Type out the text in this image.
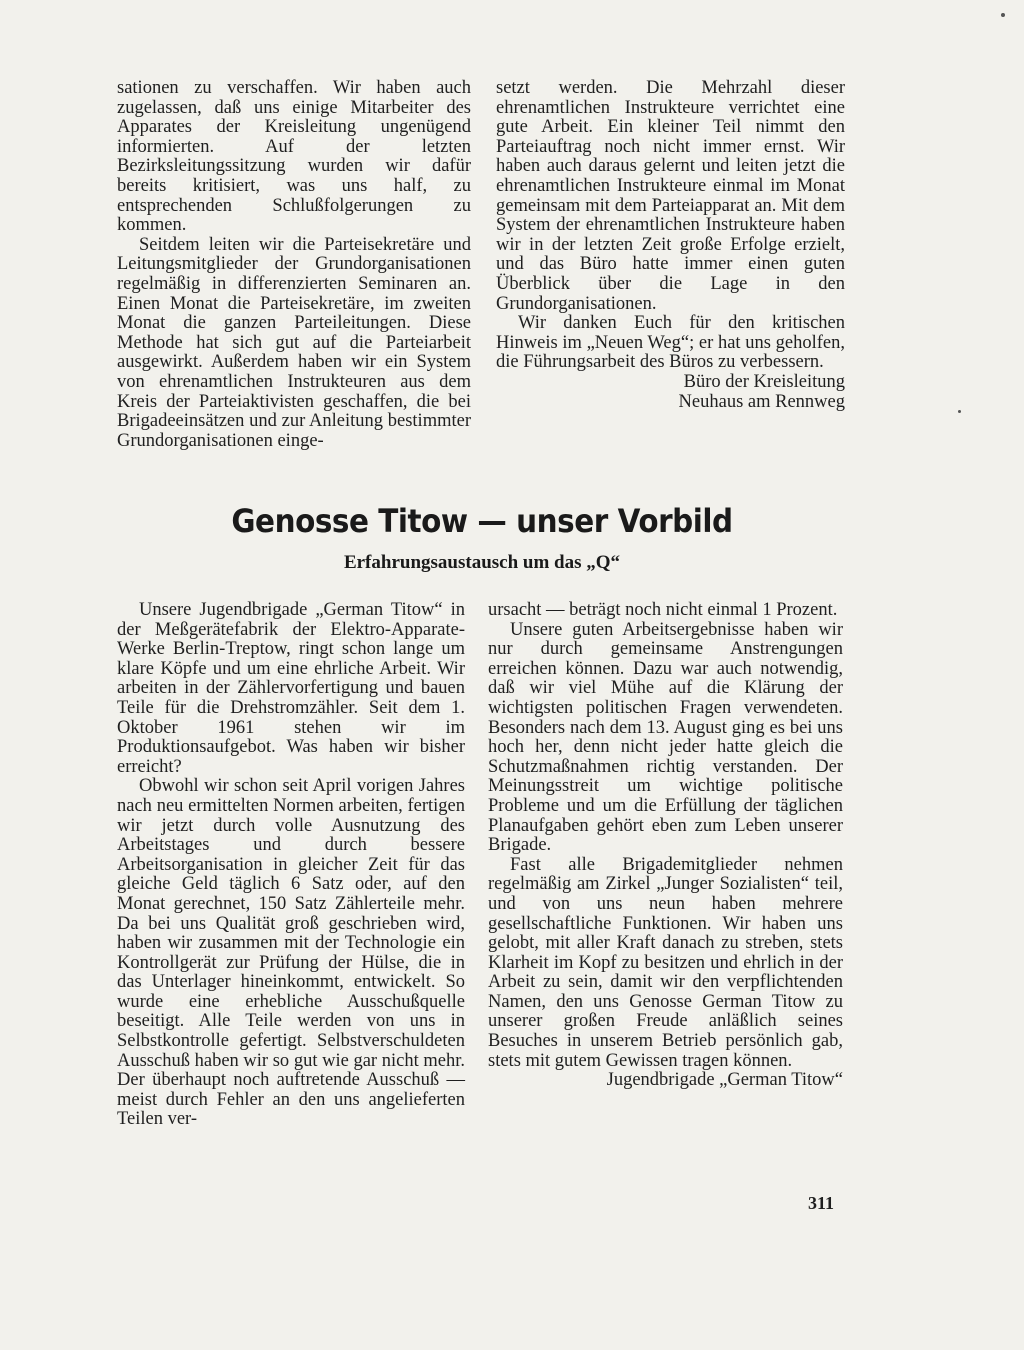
sationen zu verschaffen. Wir haben auch zugelassen, daß uns einige Mitarbeiter des Apparates der Kreisleitung ungenügend informierten. Auf der letzten Bezirksleitungssitzung wurden wir dafür bereits kritisiert, was uns half, zu entsprechenden Schlußfolgerungen zu kommen.

Seitdem leiten wir die Parteisekretäre und Leitungsmitglieder der Grundorganisationen regelmäßig in differenzierten Seminaren an. Einen Monat die Parteisekretäre, im zweiten Monat die ganzen Parteileitungen. Diese Methode hat sich gut auf die Parteiarbeit ausgewirkt. Außerdem haben wir ein System von ehrenamtlichen Instrukteuren aus dem Kreis der Parteiaktivisten geschaffen, die bei Brigadeeinsätzen und zur Anleitung bestimmter Grundorganisationen einge-

setzt werden. Die Mehrzahl dieser ehrenamtlichen Instrukteure verrichtet eine gute Arbeit. Ein kleiner Teil nimmt den Parteiauftrag noch nicht immer ernst. Wir haben auch daraus gelernt und leiten jetzt die ehrenamtlichen Instrukteure einmal im Monat gemeinsam mit dem Parteiapparat an. Mit dem System der ehrenamtlichen Instrukteure haben wir in der letzten Zeit große Erfolge erzielt, und das Büro hatte immer einen guten Überblick über die Lage in den Grundorganisationen.

Wir danken Euch für den kritischen Hinweis im „Neuen Weg“; er hat uns geholfen, die Führungsarbeit des Büros zu verbessern.

Büro der Kreisleitung

Neuhaus am Rennweg

Genosse Titow — unser Vorbild
Erfahrungsaustausch um das „Q“

Unsere Jugendbrigade „German Titow“ in der Meßgerätefabrik der Elektro-Apparate-Werke Berlin-Treptow, ringt schon lange um klare Köpfe und um eine ehrliche Arbeit. Wir arbeiten in der Zählervorfertigung und bauen Teile für die Drehstromzähler. Seit dem 1. Oktober 1961 stehen wir im Produktionsaufgebot. Was haben wir bisher erreicht?

Obwohl wir schon seit April vorigen Jahres nach neu ermittelten Normen arbeiten, fertigen wir jetzt durch volle Ausnutzung des Arbeitstages und durch bessere Arbeitsorganisation in gleicher Zeit für das gleiche Geld täglich 6 Satz oder, auf den Monat gerechnet, 150 Satz Zählerteile mehr. Da bei uns Qualität groß geschrieben wird, haben wir zusammen mit der Technologie ein Kontrollgerät zur Prüfung der Hülse, die in das Unterlager hineinkommt, entwickelt. So wurde eine erhebliche Ausschußquelle beseitigt. Alle Teile werden von uns in Selbstkontrolle gefertigt. Selbstverschuldeten Ausschuß haben wir so gut wie gar nicht mehr. Der überhaupt noch auftretende Ausschuß — meist durch Fehler an den uns angelieferten Teilen ver-

ursacht — beträgt noch nicht einmal 1 Prozent.

Unsere guten Arbeitsergebnisse haben wir nur durch gemeinsame Anstrengungen erreichen können. Dazu war auch notwendig, daß wir viel Mühe auf die Klärung der wichtigsten politischen Fragen verwendeten. Besonders nach dem 13. August ging es bei uns hoch her, denn nicht jeder hatte gleich die Schutzmaßnahmen richtig verstanden. Der Meinungsstreit um wichtige politische Probleme und um die Erfüllung der täglichen Planaufgaben gehört eben zum Leben unserer Brigade.

Fast alle Brigademitglieder nehmen regelmäßig am Zirkel „Junger Sozialisten“ teil, und von uns neun haben mehrere gesellschaftliche Funktionen. Wir haben uns gelobt, mit aller Kraft danach zu streben, stets Klarheit im Kopf zu besitzen und ehrlich in der Arbeit zu sein, damit wir den verpflichtenden Namen, den uns Genosse German Titow zu unserer großen Freude anläßlich seines Besuches in unserem Betrieb persönlich gab, stets mit gutem Gewissen tragen können.

Jugendbrigade „German Titow“

311
